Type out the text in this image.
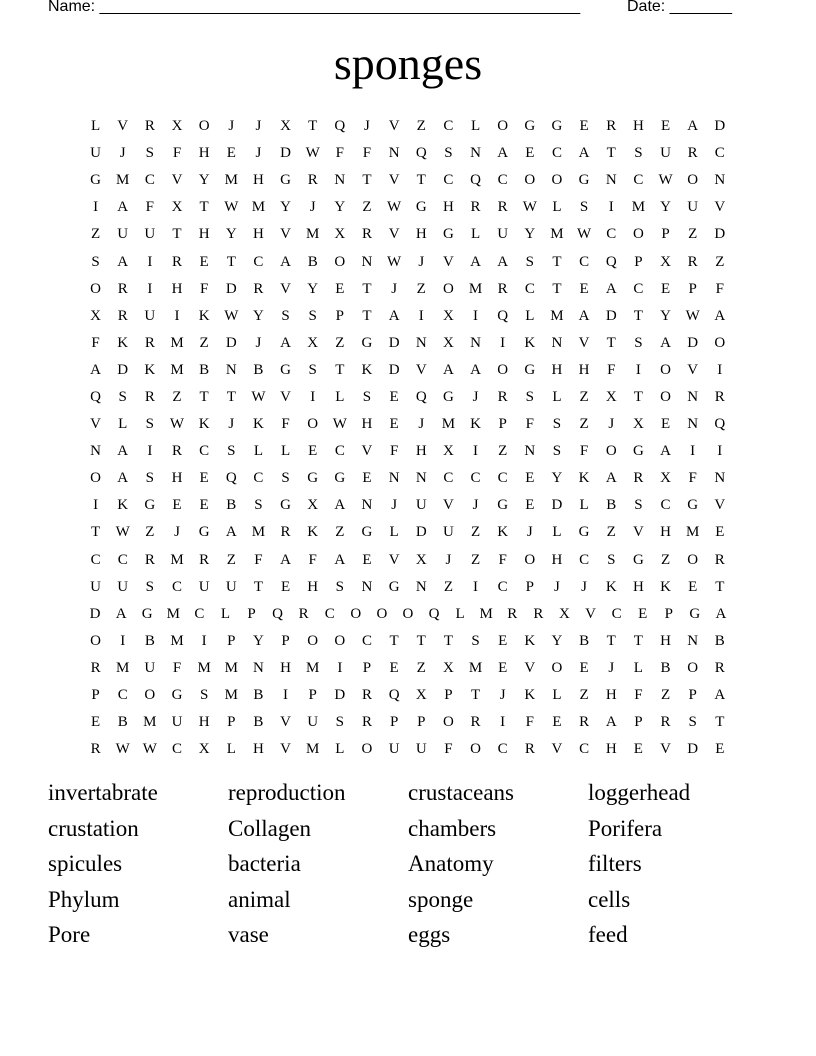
Name: ______________________________________________________	Date: _______
sponges
L	V	R	X	O	J	J	X	T	Q	J	V	Z	C	L	O	G	G	E	R	H	E	A	D
U	J	S	F	H	E	J	D W	F	F	N	Q	S	N	A	E	C	A	T	S	U	R	C
G	M	C	V	Y	M	H	G	R	N	T	V	T	C	Q	C	O	O	G	N	C	W O	N
I	A	F	X	T	W M	Y	J	Y	Z	W G	H	R	R	W	L	S	I	M	Y	U	V
Z	U	U	T	H	Y	H	V	M	X	R	V	H	G	L	U	Y	M W	C	O	P	Z	D
S	A	I	R	E	T	C	A	B	O	N W	J	V	A	A	S	T	C	Q	P	X	R	Z
O	R	I	H	F	D	R	V	Y	E	T	J	Z	O	M	R	C	T	E	A	C	E	P	F
X	R	U	I	K W Y	S	S	P	T	A	I	X	I	Q	L	M	A	D	T	Y W A
F	K	R	M	Z	D	J	A	X	Z	G	D	N	X	N	I	K	N	V	T	S	A	D	O
A	D	K	M	B	N	B	G	S	T	K	D	V	A	A	O	G	H	H	F	I	O	V	I
Q	S	R	Z	T	T	W V	I	L	S	E	Q	G	J	R	S	L	Z	X	T	O	N	R
V	L	S	W K	J	K	F	O W H	E	J	M	K	P	F	S	Z	J	X	E	N	Q
N	A	I	R	C	S	L	L	E	C	V	F	H	X	I	Z	N	S	F	O	G	A	I	I
O	A	S	H	E	Q	C	S	G	G	E	N	N	C	C	C	E	Y	K	A	R	X	F	N
I	K	G	E	E	B	S	G	X	A	N	J	U	V	J	G	E	D	L	B	S	C	G	V
T	W	Z	J	G	A	M	R	K	Z	G	L	D	U	Z	K	J	L	G	Z	V	H	M	E
C	C	R	M	R	Z	F	A	F	A	E	V	X	J	Z	F	O	H	C	S	G	Z	O	R
U	U	S	C	U	U	T	E	H	S	N	G	N	Z	I	C	P	J	J	K	H	K	E	T
D	A	G M C	L	P	Q	R	C	O	O	O	Q	L M R	R	X	V	C	E	P	G	A
O	I	B	M	I	P	Y	P	O	O	C	T	T	T	S	E	K	Y	B	T	T	H	N	B
R	M	U	F	M M	N	H	M	I	P	E	Z	X	M	E	V	O	E	J	L	B	O	R
P	C	O	G	S	M	B	I	P	D	R	Q	X	P	T	J	K	L	Z	H	F	Z	P	A
E	B	M	U	H	P	B	V	U	S	R	P	P	O	R	I	F	E	R	A	P	R	S	T
R	W W	C	X	L	H	V	M	L	O	U	U	F	O	C	R	V	C	H	E	V	D	E
invertabrate	reproduction	crustaceans	loggerhead
crustation	Collagen	chambers	Porifera
spicules	bacteria	Anatomy	filters
Phylum	animal	sponge	cells
Pore	vase	eggs	feed
